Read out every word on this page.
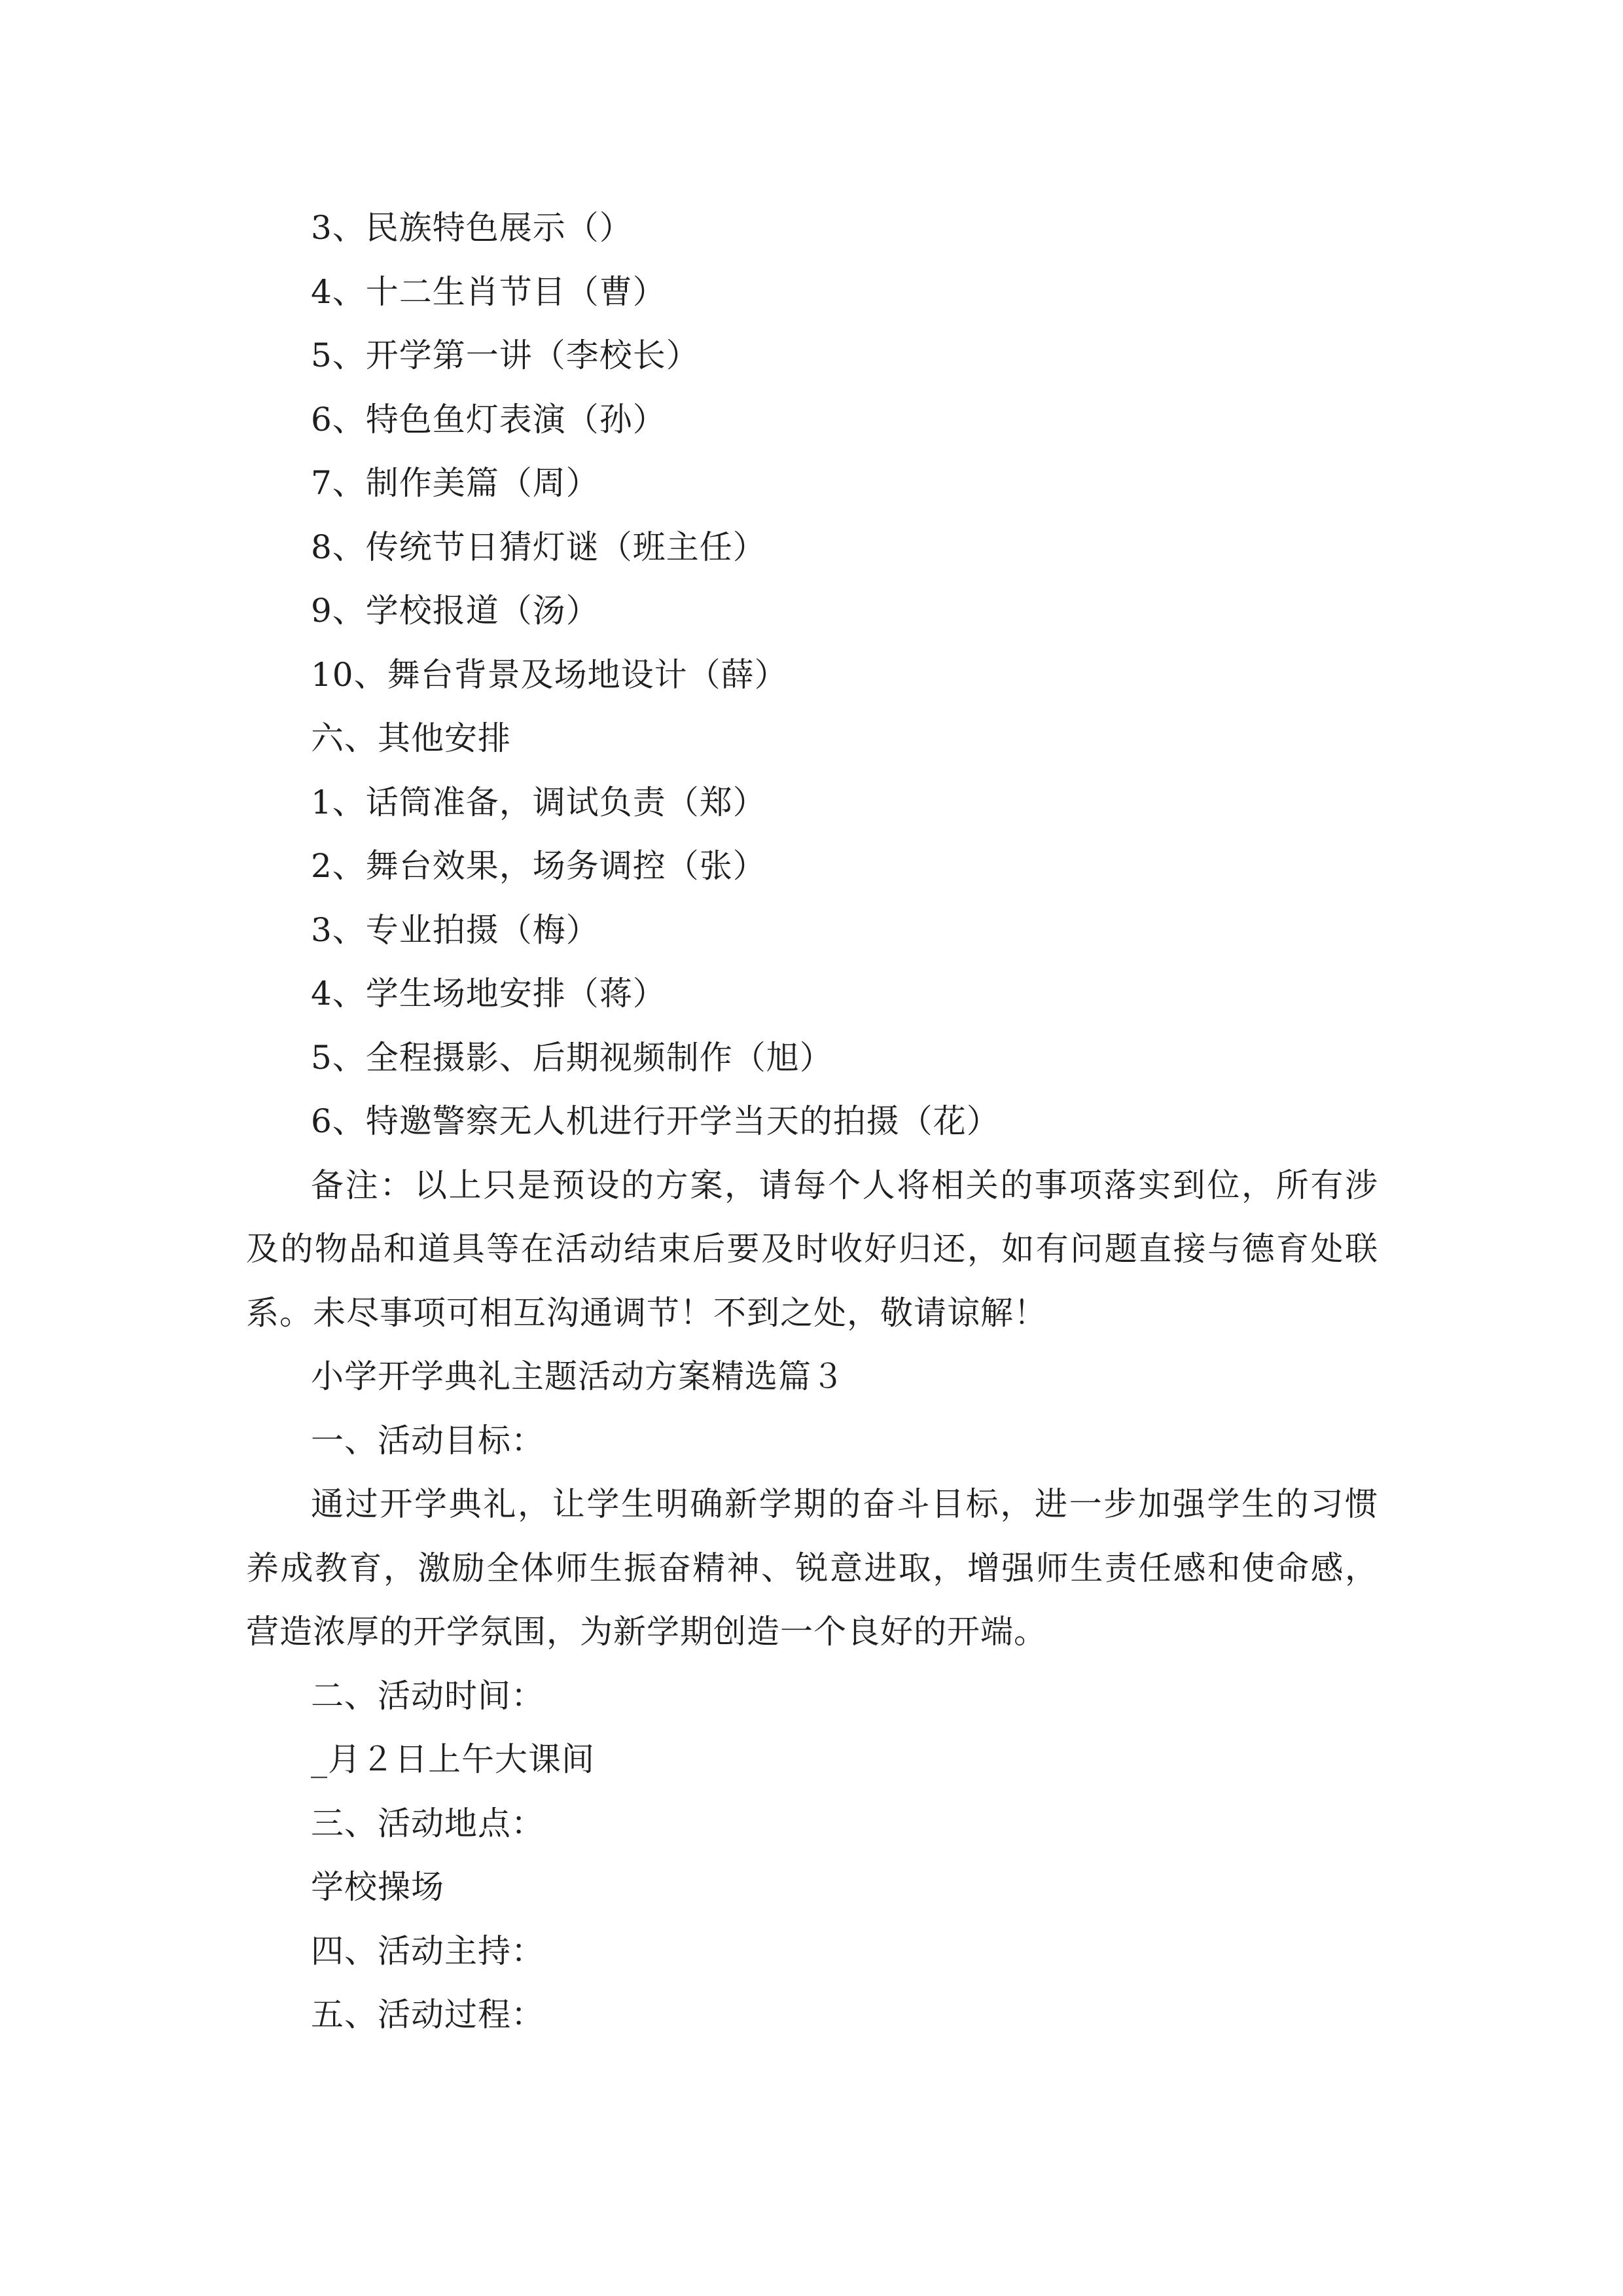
3、民族特色展示（）
4、十二生肖节目（曹）
5、开学第一讲（李校长）
6、特色鱼灯表演（孙）
7、制作美篇（周）
8、传统节日猜灯谜（班主任）
9、学校报道（汤）
10、舞台背景及场地设计（薛）
六、其他安排
1、话筒准备，调试负责（郑）
2、舞台效果，场务调控（张）
3、专业拍摄（梅）
4、学生场地安排（蒋）
5、全程摄影、后期视频制作（旭）
6、特邀警察无人机进行开学当天的拍摄（花）

备注：以上只是预设的方案，请每个人将相关的事项落实到位，所有涉及的物品和道具等在活动结束后要及时收好归还，如有问题直接与德育处联系。未尽事项可相互沟通调节！不到之处，敬请谅解！

小学开学典礼主题活动方案精选篇３
一、活动目标：

通过开学典礼，让学生明确新学期的奋斗目标，进一步加强学生的习惯养成教育，激励全体师生振奋精神、锐意进取，增强师生责任感和使命感，营造浓厚的开学氛围，为新学期创造一个良好的开端。

二、活动时间：
_月２日上午大课间
三、活动地点：
学校操场
四、活动主持：
五、活动过程：
